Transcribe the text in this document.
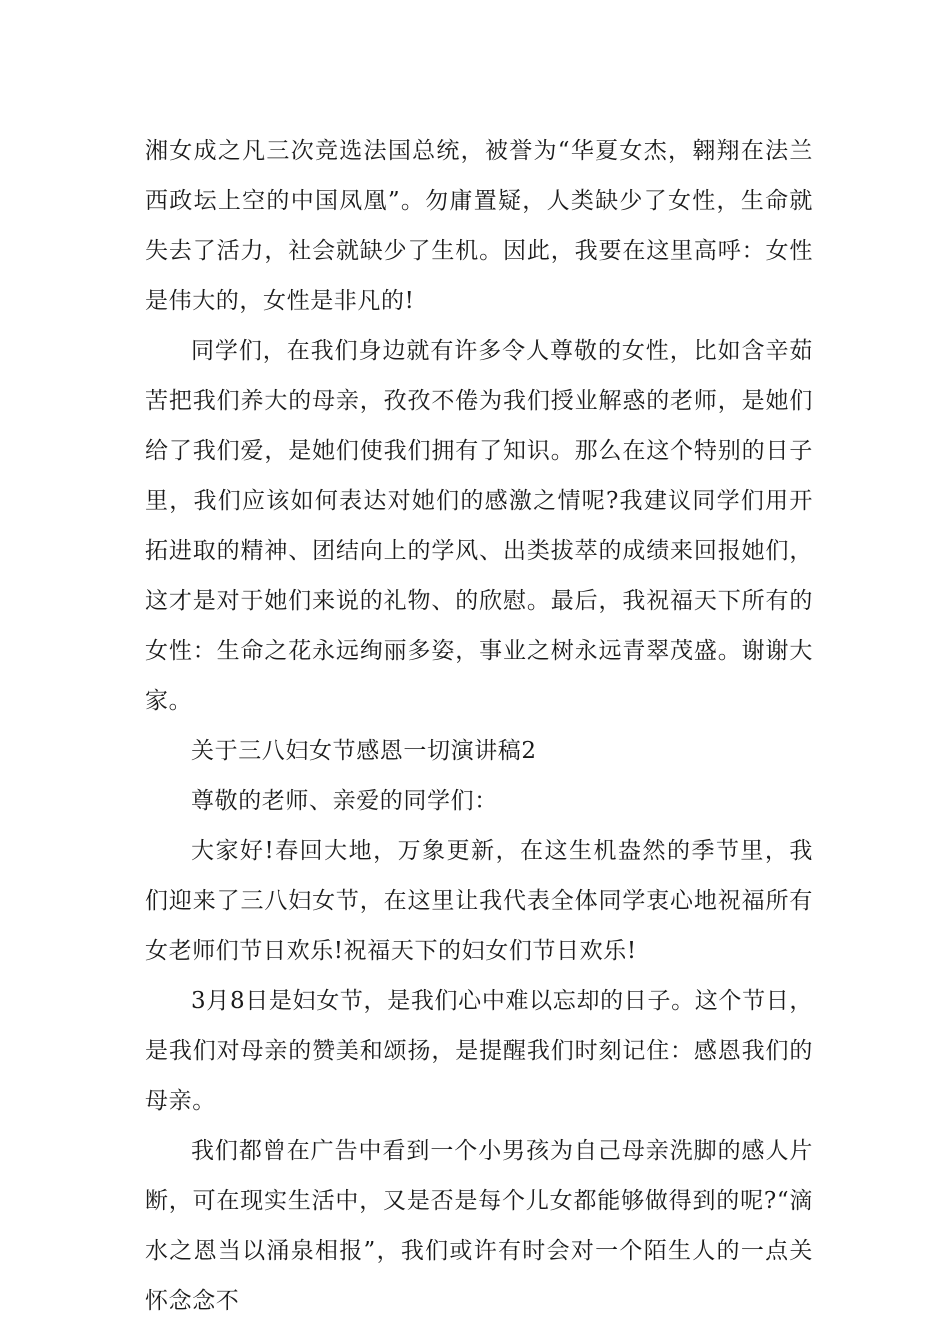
湘女成之凡三次竞选法国总统，被誉为“华夏女杰，翱翔在法兰西政坛上空的中国凤凰”。勿庸置疑，人类缺少了女性，生命就失去了活力，社会就缺少了生机。因此，我要在这里高呼：女性是伟大的，女性是非凡的!

同学们，在我们身边就有许多令人尊敬的女性，比如含辛茹苦把我们养大的母亲，孜孜不倦为我们授业解惑的老师，是她们给了我们爱，是她们使我们拥有了知识。那么在这个特别的日子里，我们应该如何表达对她们的感激之情呢?我建议同学们用开拓进取的精神、团结向上的学风、出类拔萃的成绩来回报她们，这才是对于她们来说的礼物、的欣慰。最后，我祝福天下所有的女性：生命之花永远绚丽多姿，事业之树永远青翠茂盛。谢谢大家。

关于三八妇女节感恩一切演讲稿2

尊敬的老师、亲爱的同学们：

大家好!春回大地，万象更新，在这生机盎然的季节里，我们迎来了三八妇女节，在这里让我代表全体同学衷心地祝福所有女老师们节日欢乐!祝福天下的妇女们节日欢乐!

3月8日是妇女节，是我们心中难以忘却的日子。这个节日，是我们对母亲的赞美和颂扬，是提醒我们时刻记住：感恩我们的母亲。

我们都曾在广告中看到一个小男孩为自己母亲洗脚的感人片断，可在现实生活中，又是否是每个儿女都能够做得到的呢?“滴水之恩当以涌泉相报”，我们或许有时会对一个陌生人的一点关怀念念不
